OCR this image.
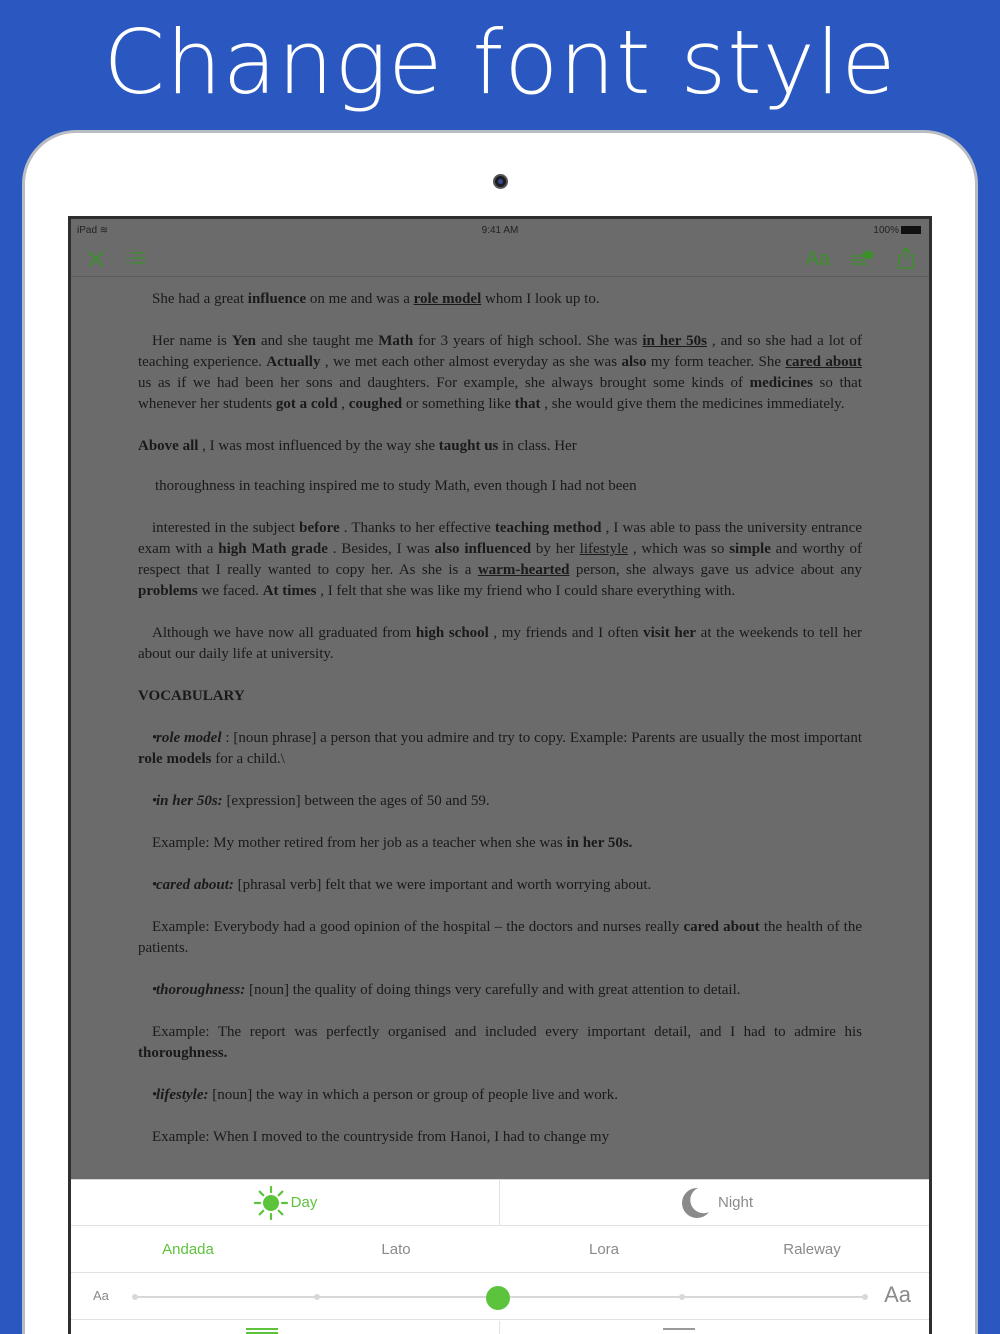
Change font style
iPad ≋	9:41 AM	100%
Aa

She had a great influence on me and was a role model whom I look up to.

Her name is Yen and she taught me Math for 3 years of high school. She was in her 50s , and so she had a lot of teaching experience. Actually , we met each other almost everyday as she was also my form teacher. She cared about us as if we had been her sons and daughters. For example, she always brought some kinds of medicines so that whenever her students got a cold , coughed or something like that , she would give them the medicines immediately.

Above all , I was most influenced by the way she taught us in class. Her

thoroughness in teaching inspired me to study Math, even though I had not been

interested in the subject before . Thanks to her effective teaching method , I was able to pass the university entrance exam with a high Math grade . Besides, I was also influenced by her lifestyle , which was so simple and worthy of respect that I really wanted to copy her. As she is a warm-hearted person, she always gave us advice about any problems we faced. At times , I felt that she was like my friend who I could share everything with.

Although we have now all graduated from high school , my friends and I often visit her at the weekends to tell her about our daily life at university.

VOCABULARY

• role model : [noun phrase] a person that you admire and try to copy. Example: Parents are usually the most important role models for a child.\

• in her 50s: [expression] between the ages of 50 and 59.

Example: My mother retired from her job as a teacher when she was in her 50s.

• cared about: [phrasal verb] felt that we were important and worth worrying about.

Example: Everybody had a good opinion of the hospital – the doctors and nurses really cared about the health of the patients.

• thoroughness: [noun] the quality of doing things very carefully and with great attention to detail.

Example: The report was perfectly organised and included every important detail, and I had to admire his thoroughness.

• lifestyle: [noun] the way in which a person or group of people live and work.

Example: When I moved to the countryside from Hanoi, I had to change my

Day	Night
Andada	Lato	Lora	Raleway
Aa	Aa
